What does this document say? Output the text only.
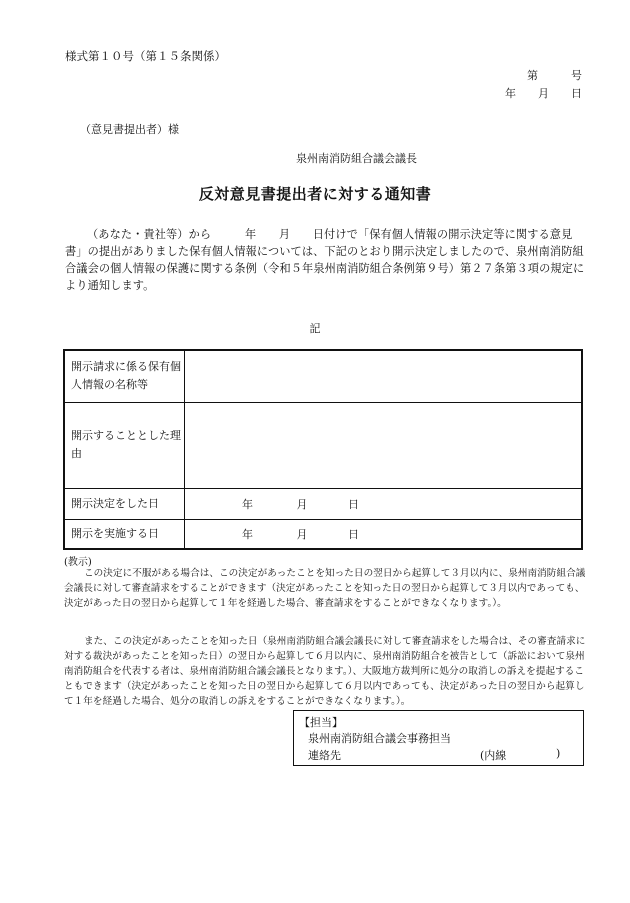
様式第１０号（第１５条関係）
第　　　号
年　　月　　日
（意見書提出者）様
泉州南消防組合議会議長
反対意見書提出者に対する通知書
（あなた・貴社等）から　　　年　　月　　日付けで「保有個人情報の開示決定等に関する意見書」の提出がありました保有個人情報については、下記のとおり開示決定しましたので、泉州南消防組合議会の個人情報の保護に関する条例（令和５年泉州南消防組合条例第９号）第２７条第３項の規定により通知します。
記
開示請求に係る保有個人情報の名称等	
開示することとした理由	
開示決定をした日	年 月 日
開示を実施する日	年 月 日
(教示)
この決定に不服がある場合は、この決定があったことを知った日の翌日から起算して３月以内に、泉州南消防組合議会議長に対して審査請求をすることができます（決定があったことを知った日の翌日から起算して３月以内であっても、決定があった日の翌日から起算して１年を経過した場合、審査請求をすることができなくなります。）。
また、この決定があったことを知った日（泉州南消防組合議会議長に対して審査請求をした場合は、その審査請求に対する裁決があったことを知った日）の翌日から起算して６月以内に、泉州南消防組合を被告として（訴訟において泉州南消防組合を代表する者は、泉州南消防組合議会議長となります。）、大阪地方裁判所に処分の取消しの訴えを提起することもできます（決定があったことを知った日の翌日から起算して６月以内であっても、決定があった日の翌日から起算して１年を経過した場合、処分の取消しの訴えをすることができなくなります。）。
【担当】
泉州南消防組合議会事務担当
連絡先	(内線	)
